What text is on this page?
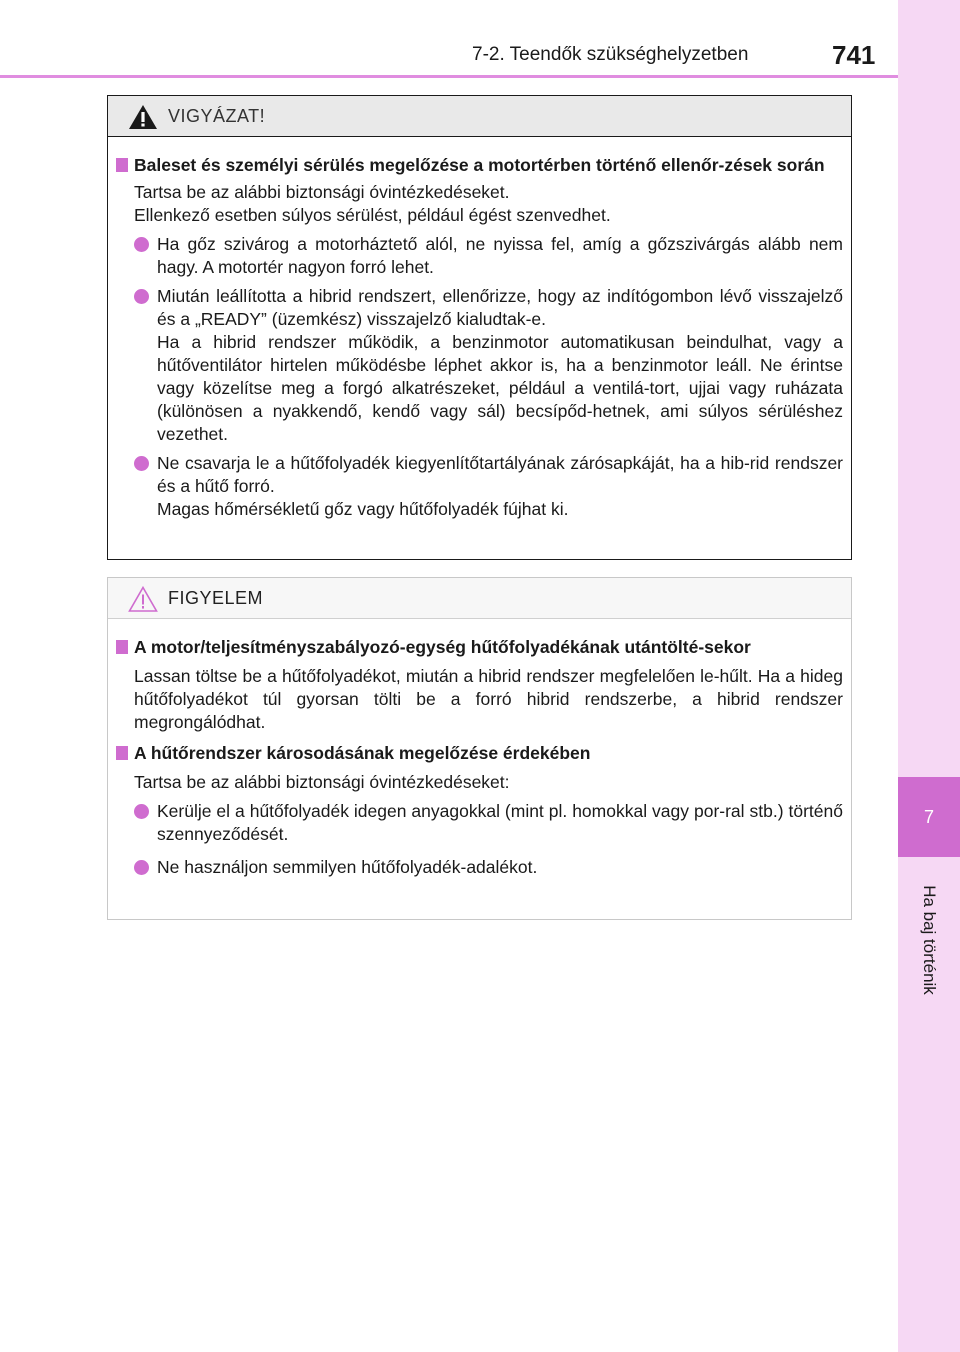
7-2. Teendők szükséghelyzetben	741
7
Ha baj történik
VIGYÁZAT!
Baleset és személyi sérülés megelőzése a motortérben történő ellenőr-zések során
Tartsa be az alábbi biztonsági óvintézkedéseket.
Ellenkező esetben súlyos sérülést, például égést szenvedhet.
Ha gőz szivárog a motorháztető alól, ne nyissa fel, amíg a gőzszivárgás alább nem hagy. A motortér nagyon forró lehet.
Miután leállította a hibrid rendszert, ellenőrizze, hogy az indítógombon lévő visszajelző és a „READY” (üzemkész) visszajelző kialudtak-e.
Ha a hibrid rendszer működik, a benzinmotor automatikusan beindulhat, vagy a hűtőventilátor hirtelen működésbe léphet akkor is, ha a benzinmotor leáll. Ne érintse vagy közelítse meg a forgó alkatrészeket, például a ventilá-tort, ujjai vagy ruházata (különösen a nyakkendő, kendő vagy sál) becsípőd-hetnek, ami súlyos sérüléshez vezethet.
Ne csavarja le a hűtőfolyadék kiegyenlítőtartályának zárósapkáját, ha a hib-rid rendszer és a hűtő forró.
Magas hőmérsékletű gőz vagy hűtőfolyadék fújhat ki.
FIGYELEM
A motor/teljesítményszabályozó-egység hűtőfolyadékának utántölté-sekor
Lassan töltse be a hűtőfolyadékot, miután a hibrid rendszer megfelelően le-hűlt. Ha a hideg hűtőfolyadékot túl gyorsan tölti be a forró hibrid rendszerbe, a hibrid rendszer megrongálódhat.
A hűtőrendszer károsodásának megelőzése érdekében
Tartsa be az alábbi biztonsági óvintézkedéseket:
Kerülje el a hűtőfolyadék idegen anyagokkal (mint pl. homokkal vagy por-ral stb.) történő szennyeződését.
Ne használjon semmilyen hűtőfolyadék-adalékot.
